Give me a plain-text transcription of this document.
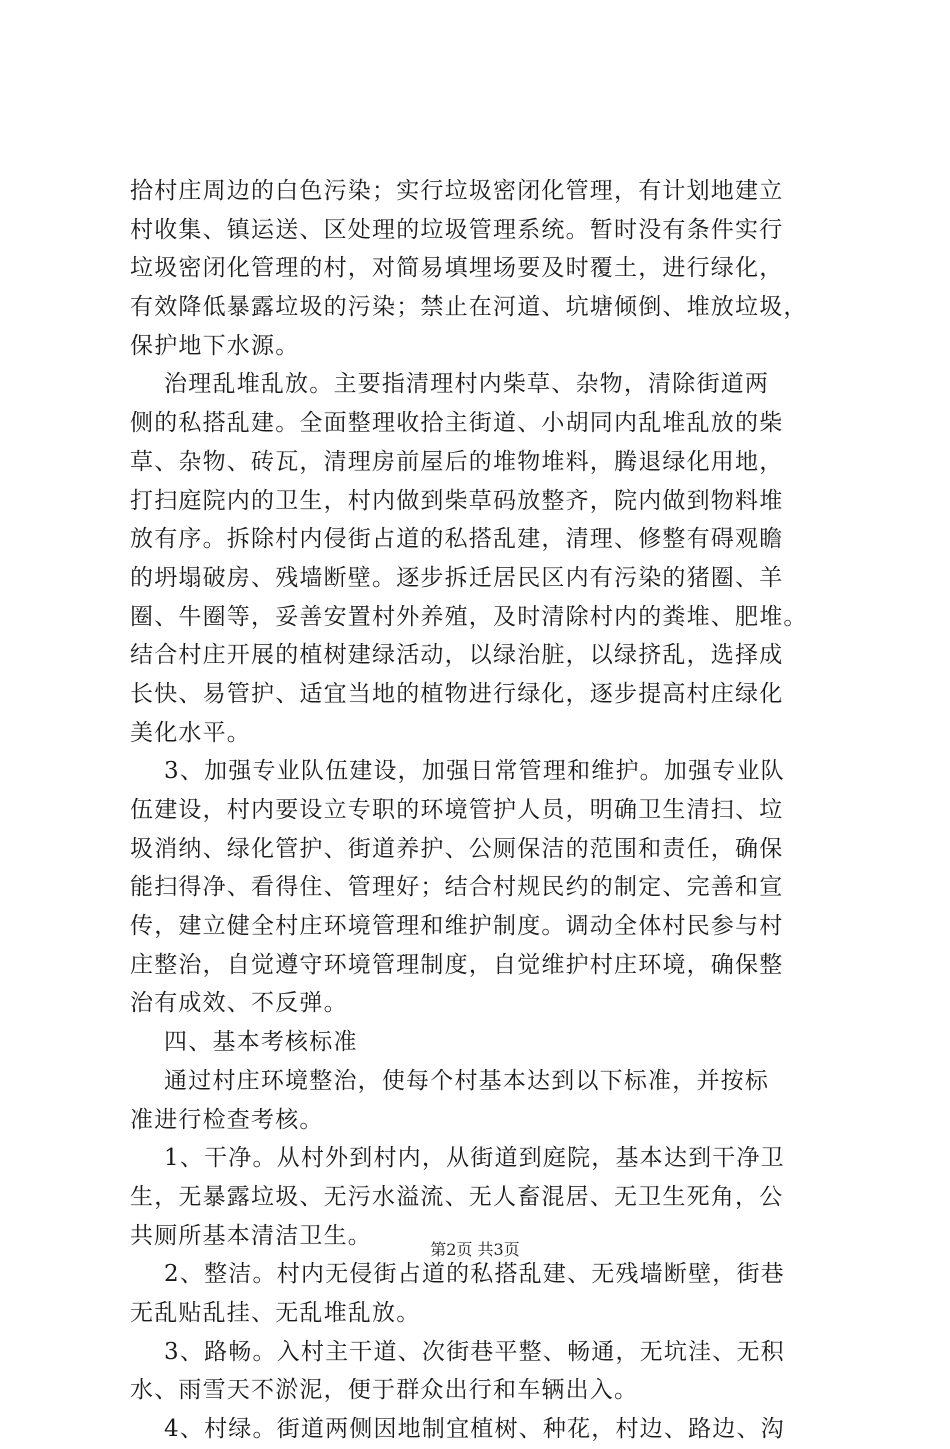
拾村庄周边的白色污染；实行垃圾密闭化管理，有计划地建立
村收集、镇运送、区处理的垃圾管理系统。暂时没有条件实行
垃圾密闭化管理的村，对简易填埋场要及时覆土，进行绿化，
有效降低暴露垃圾的污染；禁止在河道、坑塘倾倒、堆放垃圾，
保护地下水源。
治理乱堆乱放。主要指清理村内柴草、杂物，清除街道两
侧的私搭乱建。全面整理收拾主街道、小胡同内乱堆乱放的柴
草、杂物、砖瓦，清理房前屋后的堆物堆料，腾退绿化用地，
打扫庭院内的卫生，村内做到柴草码放整齐，院内做到物料堆
放有序。拆除村内侵街占道的私搭乱建，清理、修整有碍观瞻
的坍塌破房、残墙断壁。逐步拆迁居民区内有污染的猪圈、羊
圈、牛圈等，妥善安置村外养殖，及时清除村内的粪堆、肥堆。
结合村庄开展的植树建绿活动，以绿治脏，以绿挤乱，选择成
长快、易管护、适宜当地的植物进行绿化，逐步提高村庄绿化
美化水平。
3、加强专业队伍建设，加强日常管理和维护。加强专业队
伍建设，村内要设立专职的环境管护人员，明确卫生清扫、垃
圾消纳、绿化管护、街道养护、公厕保洁的范围和责任，确保
能扫得净、看得住、管理好；结合村规民约的制定、完善和宣
传，建立健全村庄环境管理和维护制度。调动全体村民参与村
庄整治，自觉遵守环境管理制度，自觉维护村庄环境，确保整
治有成效、不反弹。
四、基本考核标准
通过村庄环境整治，使每个村基本达到以下标准，并按标
准进行检查考核。
1、干净。从村外到村内，从街道到庭院，基本达到干净卫
生，无暴露垃圾、无污水溢流、无人畜混居、无卫生死角，公
共厕所基本清洁卫生。
2、整洁。村内无侵街占道的私搭乱建、无残墙断壁，街巷
无乱贴乱挂、无乱堆乱放。
3、路畅。入村主干道、次街巷平整、畅通，无坑洼、无积
水、雨雪天不淤泥，便于群众出行和车辆出入。
4、村绿。街道两侧因地制宜植树、种花，村边、路边、沟
第2页 共3页
